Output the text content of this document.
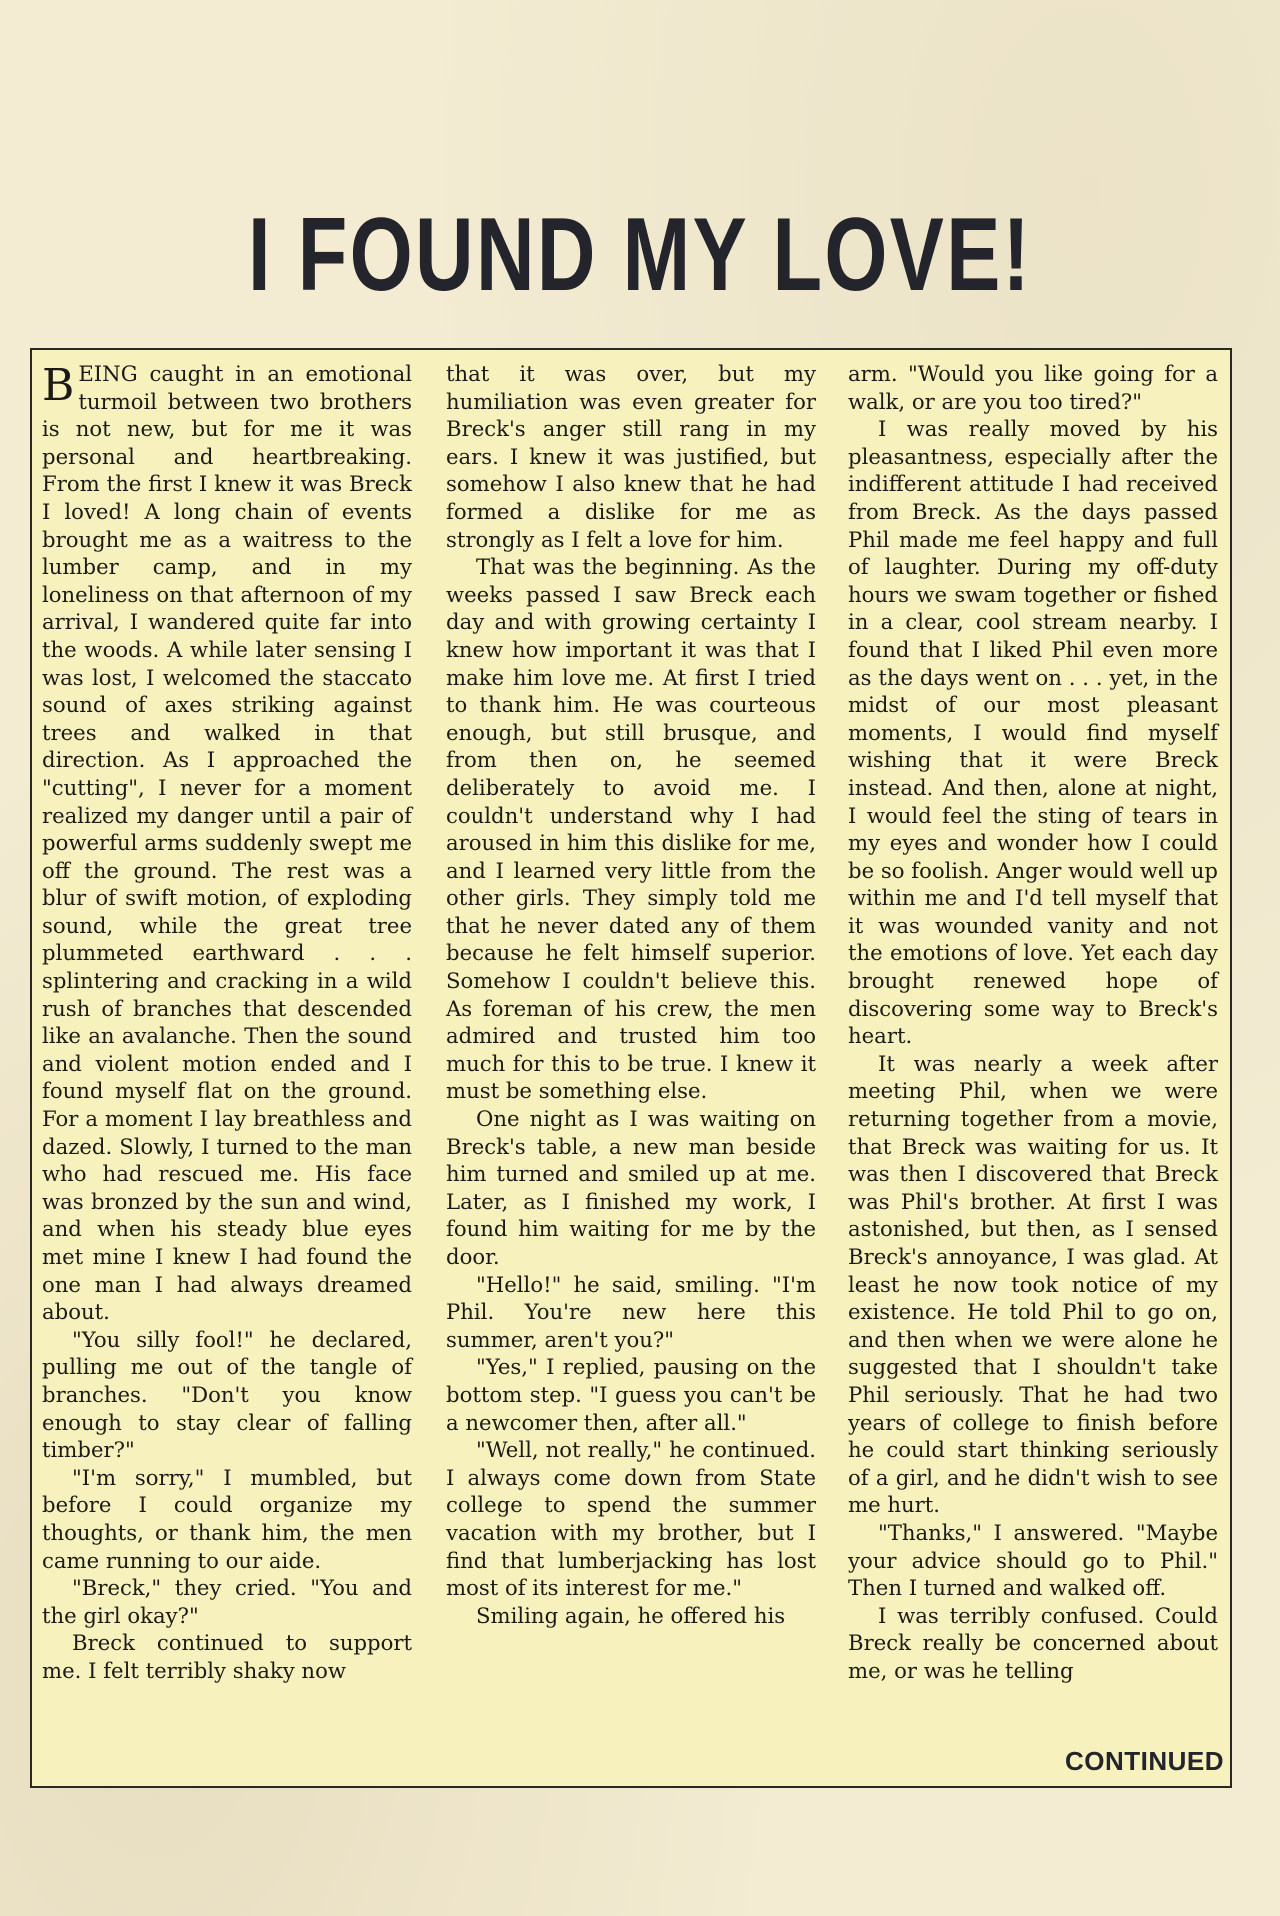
I FOUND MY LOVE!

BEING caught in an emotional turmoil between two brothers is not new, but for me it was personal and heartbreaking. From the first I knew it was Breck I loved! A long chain of events brought me as a waitress to the lumber camp, and in my loneliness on that afternoon of my arrival, I wandered quite far into the woods. A while later sensing I was lost, I welcomed the staccato sound of axes striking against trees and walked in that direction. As I approached the "cutting", I never for a moment realized my danger until a pair of powerful arms suddenly swept me off the ground. The rest was a blur of swift motion, of exploding sound, while the great tree plummeted earthward . . . splintering and cracking in a wild rush of branches that descended like an avalanche. Then the sound and violent motion ended and I found myself flat on the ground. For a moment I lay breathless and dazed. Slowly, I turned to the man who had rescued me. His face was bronzed by the sun and wind, and when his steady blue eyes met mine I knew I had found the one man I had always dreamed about.

"You silly fool!" he declared, pulling me out of the tangle of branches. "Don't you know enough to stay clear of falling timber?"

"I'm sorry," I mumbled, but before I could organize my thoughts, or thank him, the men came running to our aide.

"Breck," they cried. "You and the girl okay?"

Breck continued to support me. I felt terribly shaky now

that it was over, but my humiliation was even greater for Breck's anger still rang in my ears. I knew it was justified, but somehow I also knew that he had formed a dislike for me as strongly as I felt a love for him.

That was the beginning. As the weeks passed I saw Breck each day and with growing certainty I knew how important it was that I make him love me. At first I tried to thank him. He was courteous enough, but still brusque, and from then on, he seemed deliberately to avoid me. I couldn't understand why I had aroused in him this dislike for me, and I learned very little from the other girls. They simply told me that he never dated any of them because he felt himself superior. Somehow I couldn't believe this. As foreman of his crew, the men admired and trusted him too much for this to be true. I knew it must be something else.

One night as I was waiting on Breck's table, a new man beside him turned and smiled up at me. Later, as I finished my work, I found him waiting for me by the door.

"Hello!" he said, smiling. "I'm Phil. You're new here this summer, aren't you?"

"Yes," I replied, pausing on the bottom step. "I guess you can't be a newcomer then, after all."

"Well, not really," he continued. I always come down from State college to spend the summer vacation with my brother, but I find that lumberjacking has lost most of its interest for me."

Smiling again, he offered his

arm. "Would you like going for a walk, or are you too tired?"

I was really moved by his pleasantness, especially after the indifferent attitude I had received from Breck. As the days passed Phil made me feel happy and full of laughter. During my off-duty hours we swam together or fished in a clear, cool stream nearby. I found that I liked Phil even more as the days went on . . . yet, in the midst of our most pleasant moments, I would find myself wishing that it were Breck instead. And then, alone at night, I would feel the sting of tears in my eyes and wonder how I could be so foolish. Anger would well up within me and I'd tell myself that it was wounded vanity and not the emotions of love. Yet each day brought renewed hope of discovering some way to Breck's heart.

It was nearly a week after meeting Phil, when we were returning together from a movie, that Breck was waiting for us. It was then I discovered that Breck was Phil's brother. At first I was astonished, but then, as I sensed Breck's annoyance, I was glad. At least he now took notice of my existence. He told Phil to go on, and then when we were alone he suggested that I shouldn't take Phil seriously. That he had two years of college to finish before he could start thinking seriously of a girl, and he didn't wish to see me hurt.

"Thanks," I answered. "Maybe your advice should go to Phil." Then I turned and walked off.

I was terribly confused. Could Breck really be concerned about me, or was he telling

CONTINUED
